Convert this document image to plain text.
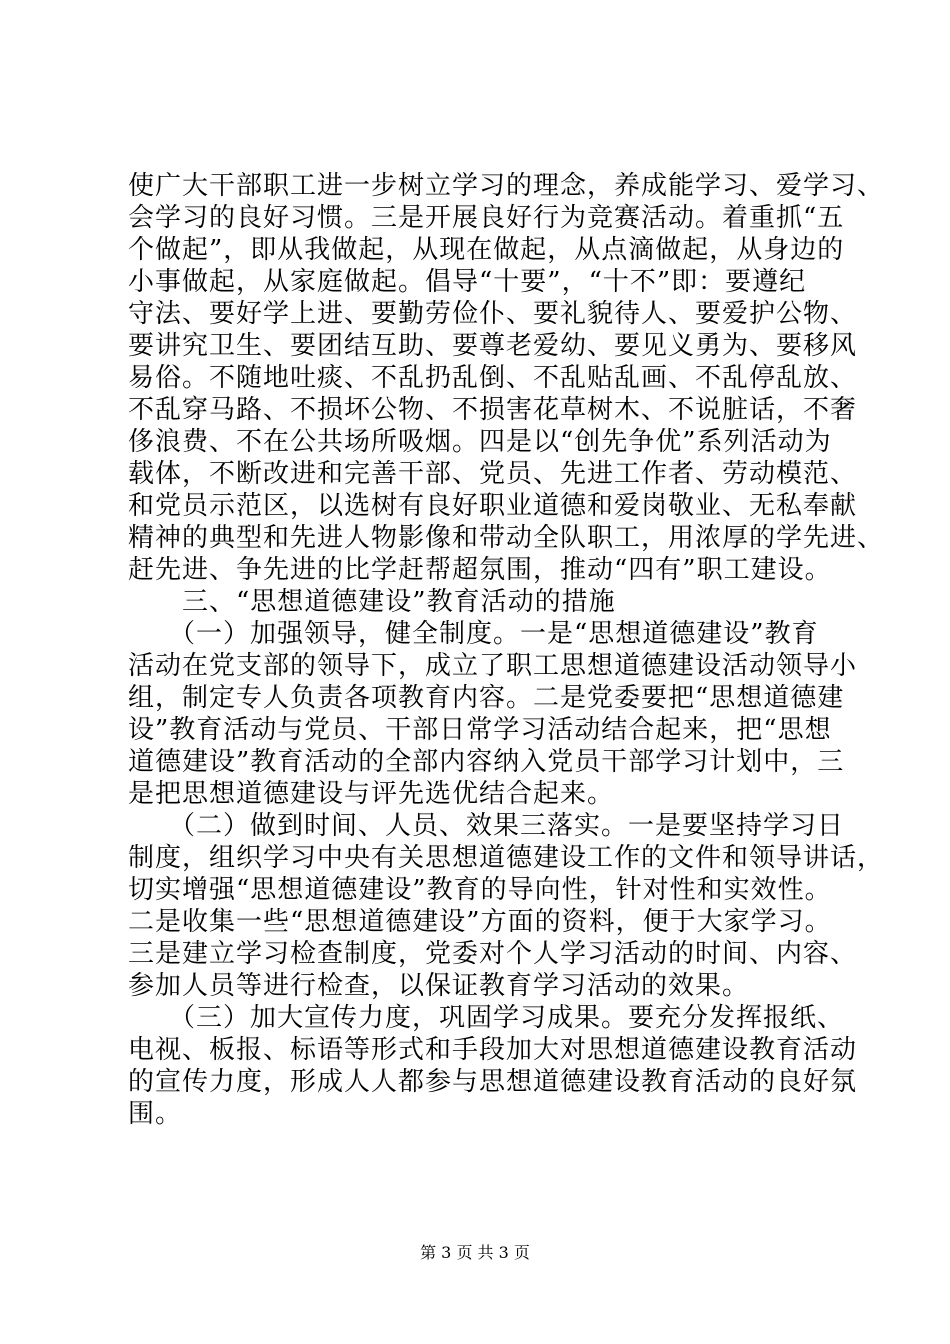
使广大干部职工进一步树立学习的理念，养成能学习、爱学习、
会学习的良好习惯。三是开展良好行为竞赛活动。着重抓“五
个做起”，即从我做起，从现在做起，从点滴做起，从身边的
小事做起，从家庭做起。倡导“十要”，“十不”即：要遵纪
守法、要好学上进、要勤劳俭仆、要礼貌待人、要爱护公物、
要讲究卫生、要团结互助、要尊老爱幼、要见义勇为、要移风
易俗。不随地吐痰、不乱扔乱倒、不乱贴乱画、不乱停乱放、
不乱穿马路、不损坏公物、不损害花草树木、不说脏话，不奢
侈浪费、不在公共场所吸烟。四是以“创先争优”系列活动为
载体，不断改进和完善干部、党员、先进工作者、劳动模范、
和党员示范区，以选树有良好职业道德和爱岗敬业、无私奉献
精神的典型和先进人物影像和带动全队职工，用浓厚的学先进、
赶先进、争先进的比学赶帮超氛围，推动“四有”职工建设。
　　三、“思想道德建设”教育活动的措施
　　（一）加强领导，健全制度。一是“思想道德建设”教育
活动在党支部的领导下，成立了职工思想道德建设活动领导小
组，制定专人负责各项教育内容。二是党委要把“思想道德建
设”教育活动与党员、干部日常学习活动结合起来，把“思想
道德建设”教育活动的全部内容纳入党员干部学习计划中，三
是把思想道德建设与评先选优结合起来。
　　（二）做到时间、人员、效果三落实。一是要坚持学习日
制度，组织学习中央有关思想道德建设工作的文件和领导讲话，
切实增强“思想道德建设”教育的导向性，针对性和实效性。
二是收集一些“思想道德建设”方面的资料，便于大家学习。
三是建立学习检查制度，党委对个人学习活动的时间、内容、
参加人员等进行检查，以保证教育学习活动的效果。
　　（三）加大宣传力度，巩固学习成果。要充分发挥报纸、
电视、板报、标语等形式和手段加大对思想道德建设教育活动
的宣传力度，形成人人都参与思想道德建设教育活动的良好氛
围。
第 3 页 共 3 页
